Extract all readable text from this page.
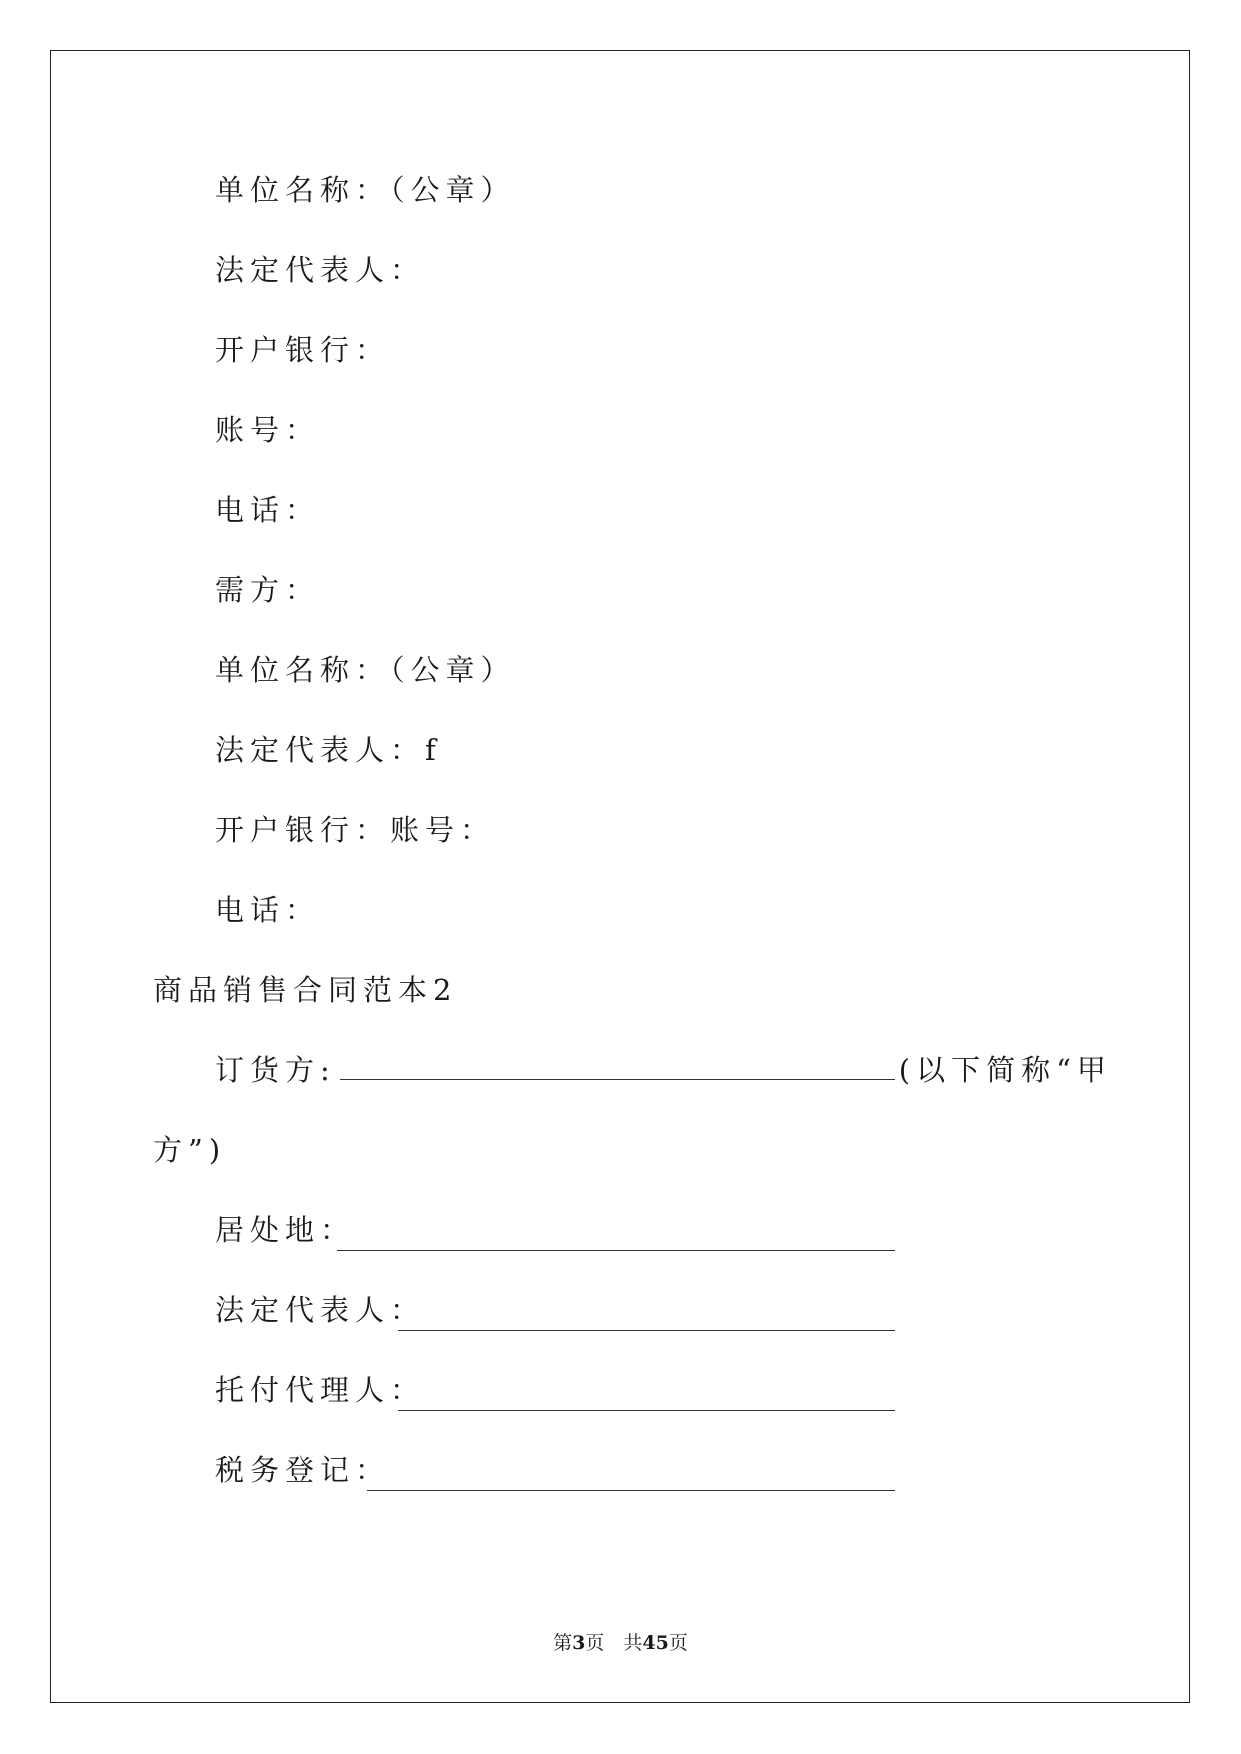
单位名称：（公章）
法定代表人：
开户银行：
账号：
电话：
需方：
单位名称：（公章）
法定代表人：f
开户银行：账号：
电话：
商品销售合同范本2
订货方:	(以下简称“甲
方”)
居处地：
法定代表人：
托付代理人：
税务登记：
第3页　共45页
